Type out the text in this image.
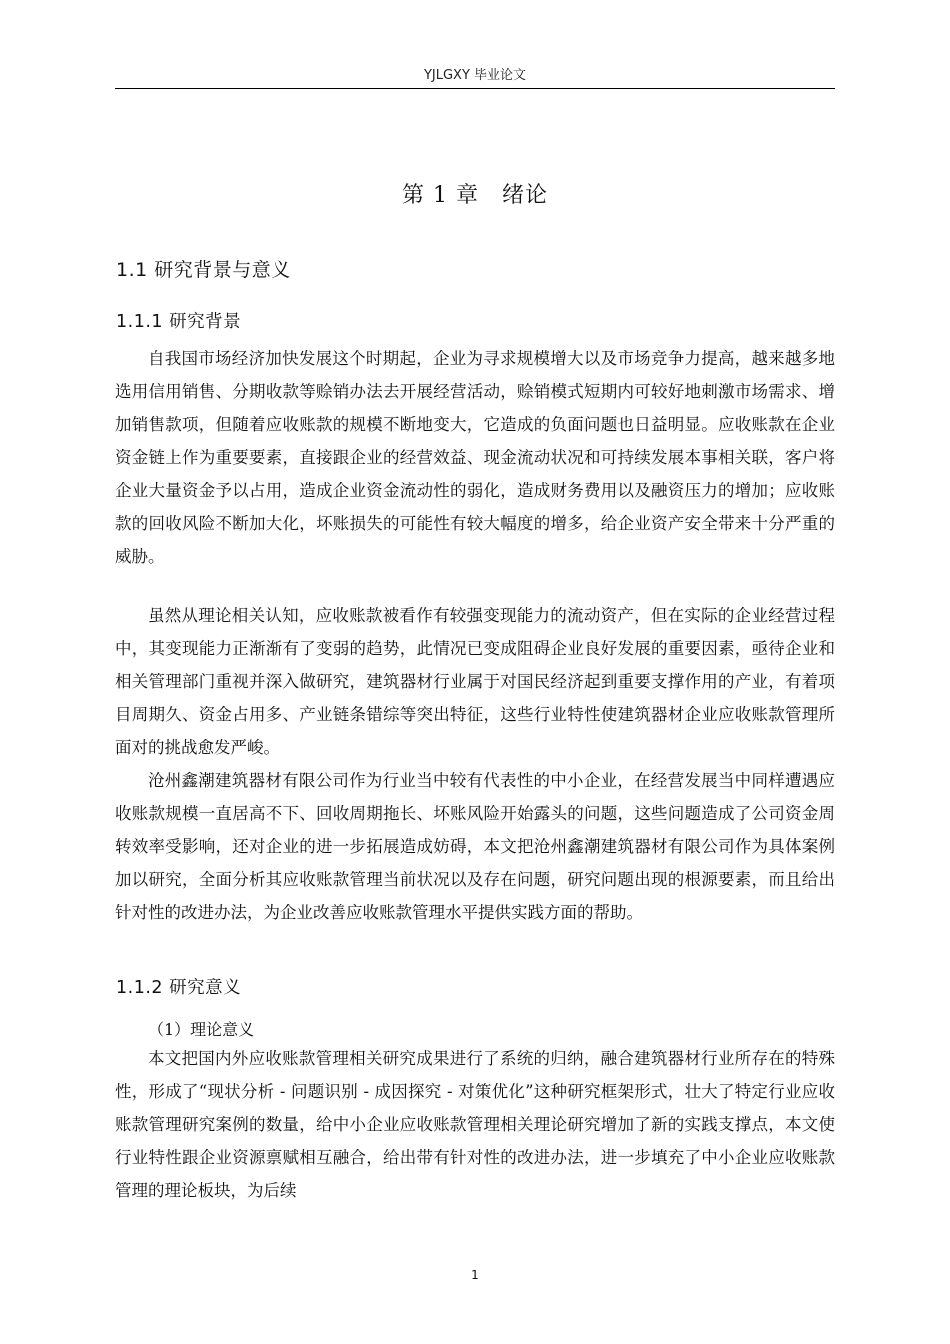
YJLGXY 毕业论文
第 1 章　绪论
1.1 研究背景与意义
1.1.1 研究背景

自我国市场经济加快发展这个时期起，企业为寻求规模增大以及市场竞争力提高，越来越多地选用信用销售、分期收款等赊销办法去开展经营活动，赊销模式短期内可较好地刺激市场需求、增加销售款项，但随着应收账款的规模不断地变大，它造成的负面问题也日益明显。应收账款在企业资金链上作为重要要素，直接跟企业的经营效益、现金流动状况和可持续发展本事相关联，客户将企业大量资金予以占用，造成企业资金流动性的弱化，造成财务费用以及融资压力的增加；应收账款的回收风险不断加大化，坏账损失的可能性有较大幅度的增多，给企业资产安全带来十分严重的威胁。

虽然从理论相关认知，应收账款被看作有较强变现能力的流动资产，但在实际的企业经营过程中，其变现能力正渐渐有了变弱的趋势，此情况已变成阻碍企业良好发展的重要因素，亟待企业和相关管理部门重视并深入做研究，建筑器材行业属于对国民经济起到重要支撑作用的产业，有着项目周期久、资金占用多、产业链条错综等突出特征，这些行业特性使建筑器材企业应收账款管理所面对的挑战愈发严峻。

沧州鑫潮建筑器材有限公司作为行业当中较有代表性的中小企业，在经营发展当中同样遭遇应收账款规模一直居高不下、回收周期拖长、坏账风险开始露头的问题，这些问题造成了公司资金周转效率受影响，还对企业的进一步拓展造成妨碍，本文把沧州鑫潮建筑器材有限公司作为具体案例加以研究，全面分析其应收账款管理当前状况以及存在问题，研究问题出现的根源要素，而且给出针对性的改进办法，为企业改善应收账款管理水平提供实践方面的帮助。

1.1.2 研究意义
（1）理论意义

本文把国内外应收账款管理相关研究成果进行了系统的归纳，融合建筑器材行业所存在的特殊性，形成了“现状分析 - 问题识别 - 成因探究 - 对策优化”这种研究框架形式，壮大了特定行业应收账款管理研究案例的数量，给中小企业应收账款管理相关理论研究增加了新的实践支撑点，本文使行业特性跟企业资源禀赋相互融合，给出带有针对性的改进办法，进一步填充了中小企业应收账款管理的理论板块，为后续

1
